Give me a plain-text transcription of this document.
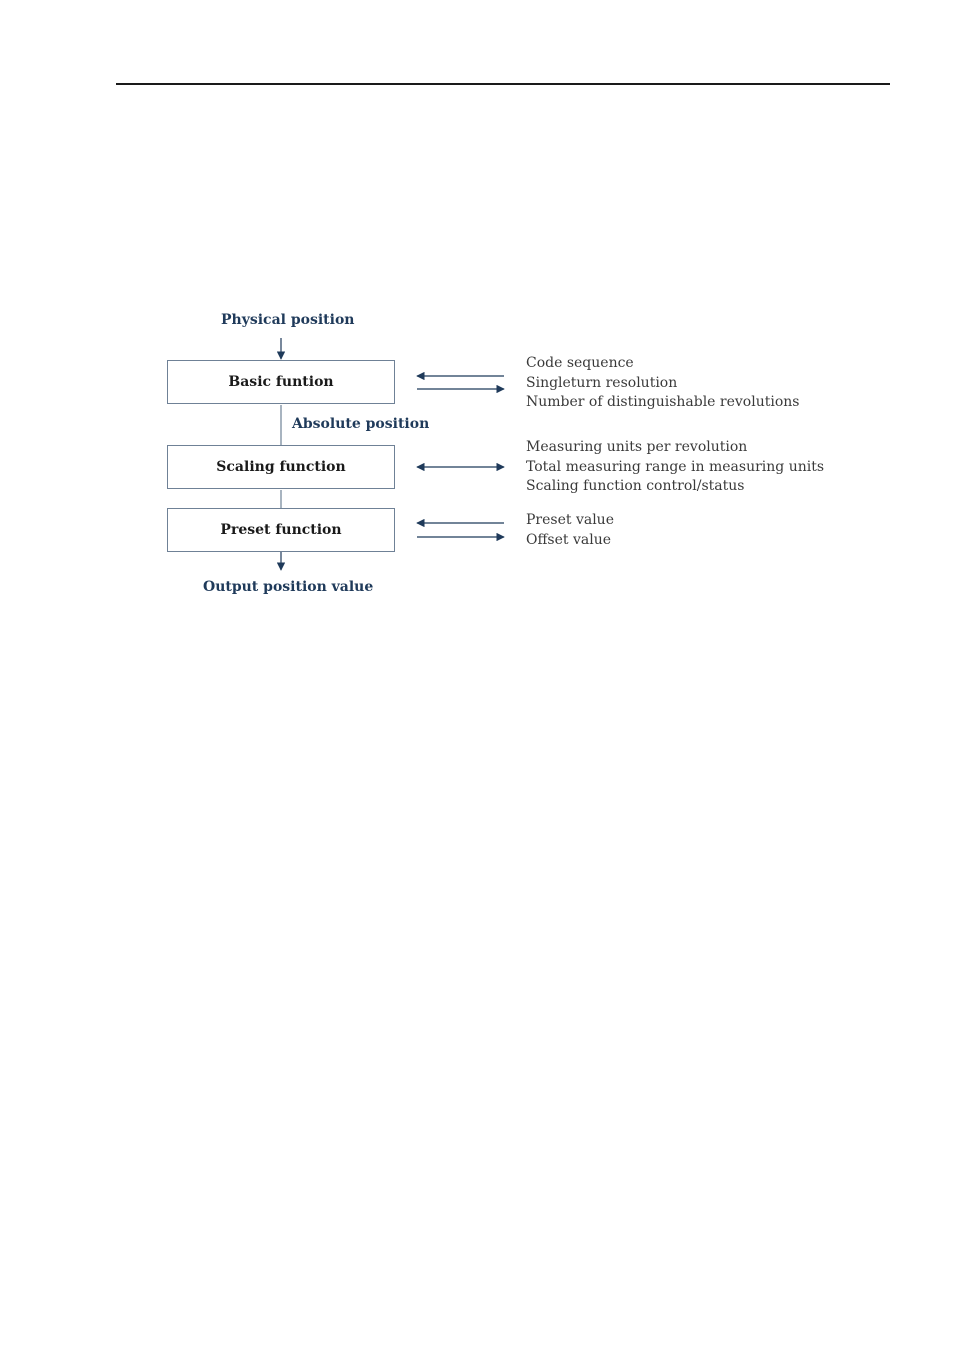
Physical position
Basic funtion
Absolute position
Scaling function
Preset function
Output position value
Code sequence
Singleturn resolution
Number of distinguishable revolutions
Measuring units per revolution
Total measuring range in measuring units
Scaling function control/status
Preset value
Offset value
